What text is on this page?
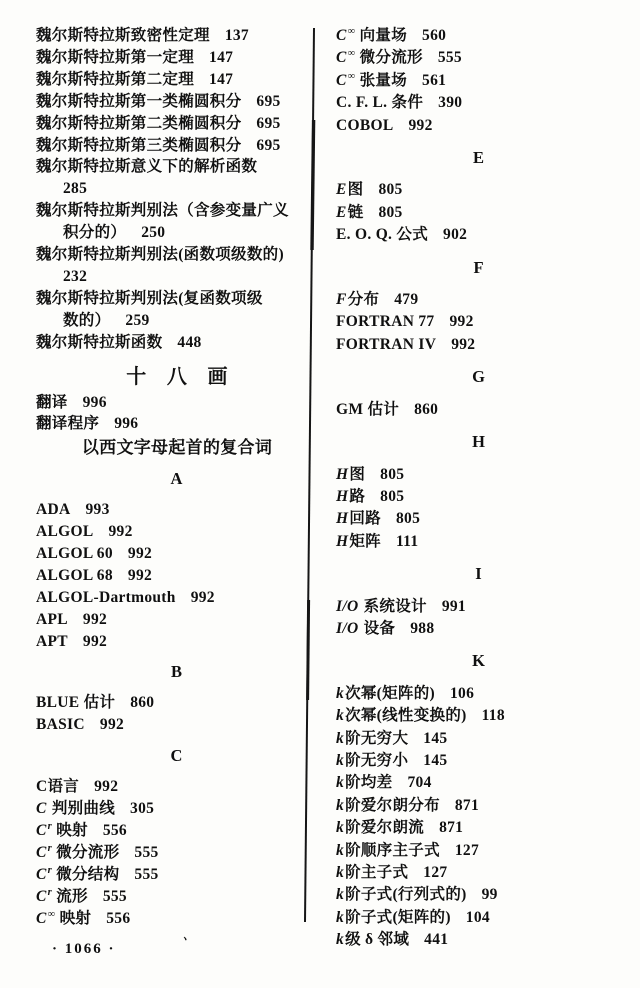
魏尔斯特拉斯致密性定理 137
魏尔斯特拉斯第一定理 147
魏尔斯特拉斯第二定理 147
魏尔斯特拉斯第一类椭圆积分 695
魏尔斯特拉斯第二类椭圆积分 695
魏尔斯特拉斯第三类椭圆积分 695
魏尔斯特拉斯意义下的解析函数
285
魏尔斯特拉斯判别法（含参变量广义
积分的） 250
魏尔斯特拉斯判别法(函数项级数的)
232
魏尔斯特拉斯判别法(复函数项级
数的） 259
魏尔斯特拉斯函数 448
十　八　画
翻译 996
翻译程序 996
以西文字母起首的复合词
A
ADA 993
ALGOL 992
ALGOL 60 992
ALGOL 68 992
ALGOL-Dartmouth 992
APL 992
APT 992
B
BLUE 估计 860
BASIC 992
C
C语言 992
C 判别曲线 305
$C^r$ 映射 556
$C^r$ 微分流形 555
$C^r$ 微分结构 555
$C^r$ 流形 555
C∞ 映射 556
C∞ 向量场 560
C∞ 微分流形 555
C∞ 张量场 561
C. F. L. 条件 390
COBOL 992
E
E图 805
E链 805
E. O. Q. 公式 902
F
F分布 479
FORTRAN 77 992
FORTRAN IV 992
G
GM 估计 860
H
H图 805
H路 805
H回路 805
H矩阵 111
I
I/O 系统设计 991
I/O 设备 988
K
k次幂(矩阵的) 106
k次幂(线性变换的) 118
k阶无穷大 145
k阶无穷小 145
k阶均差 704
k阶爱尔朗分布 871
k阶爱尔朗流 871
k阶顺序主子式 127
k阶主子式 127
k阶子式(行列式的) 99
k阶子式(矩阵的) 104
k级 δ 邻域 441
、
· 1066 ·
